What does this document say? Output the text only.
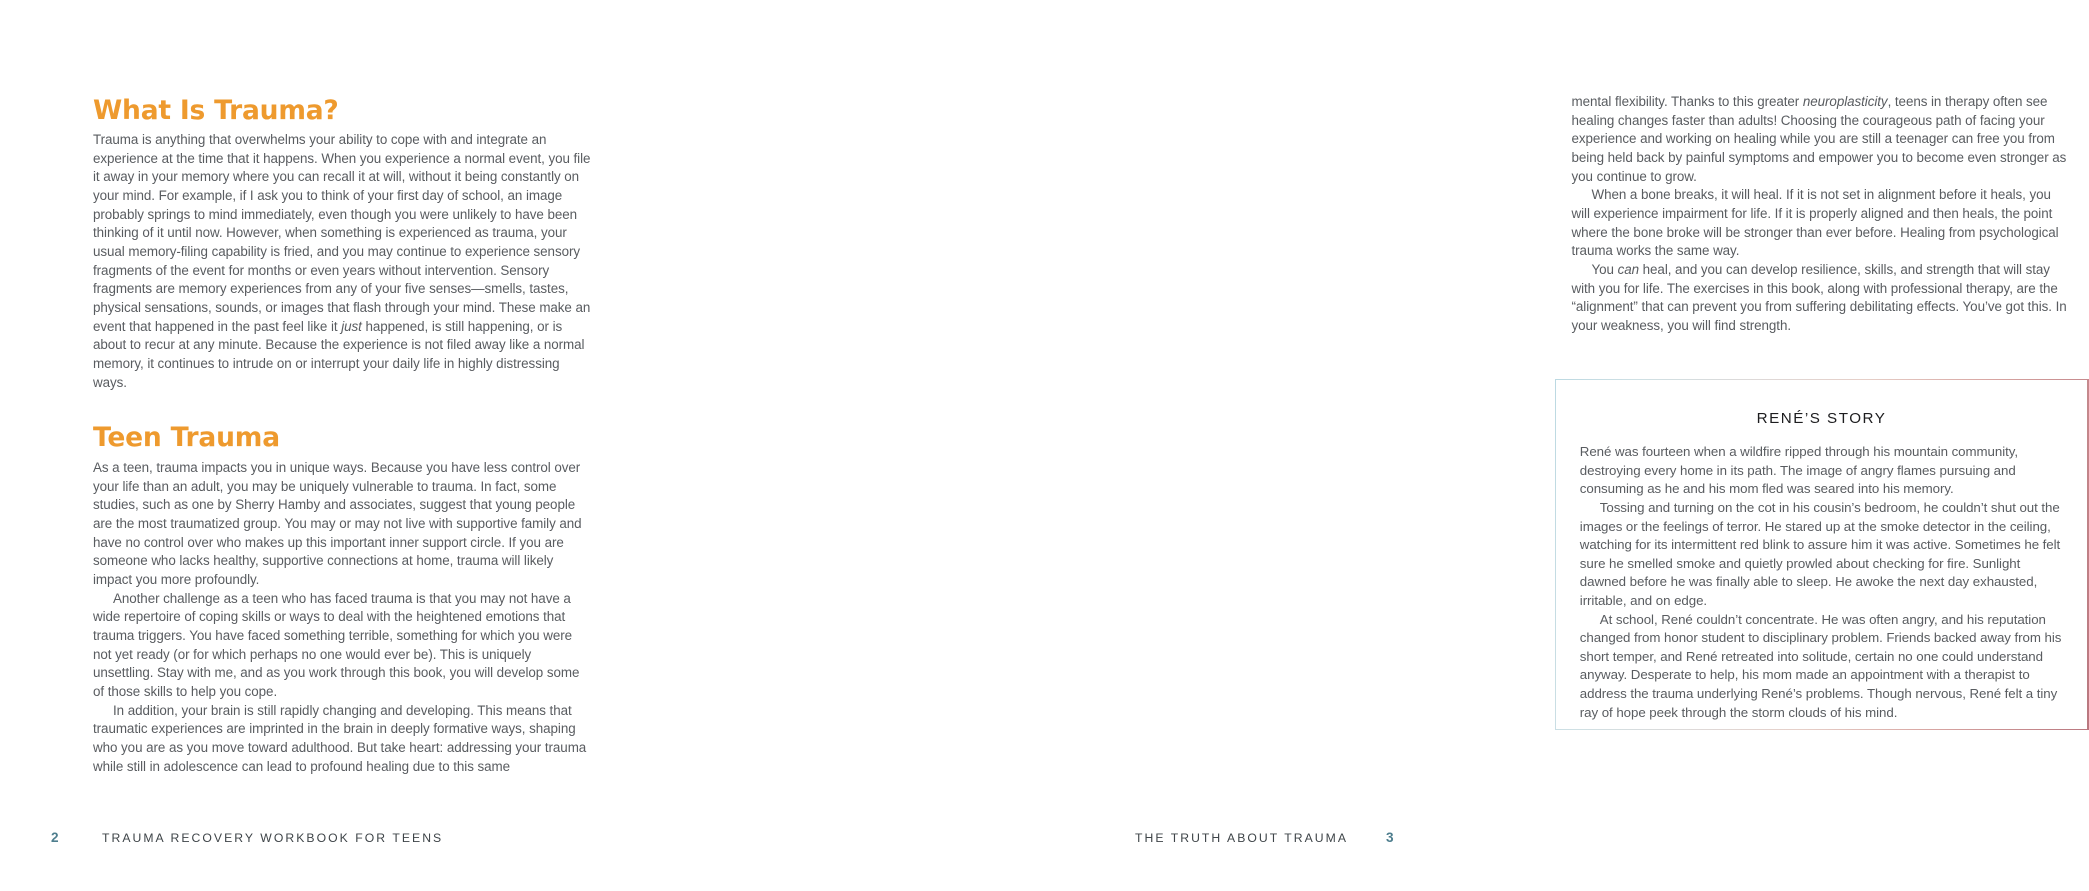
What Is Trauma?

Trauma is anything that overwhelms your ability to cope with and integrate an experience at the time that it happens. When you experience a normal event, you file it away in your memory where you can recall it at will, without it being constantly on your mind. For example, if I ask you to think of your first day of school, an image probably springs to mind immediately, even though you were unlikely to have been thinking of it until now. However, when something is experienced as trauma, your usual memory-filing capability is fried, and you may continue to experience sensory fragments of the event for months or even years without intervention. Sensory fragments are memory experiences from any of your five senses—smells, tastes, physical sensations, sounds, or images that flash through your mind. These make an event that happened in the past feel like it just happened, is still happening, or is about to recur at any minute. Because the experience is not filed away like a normal memory, it continues to intrude on or interrupt your daily life in highly distressing ways.

Teen Trauma

As a teen, trauma impacts you in unique ways. Because you have less control over your life than an adult, you may be uniquely vulnerable to trauma. In fact, some studies, such as one by Sherry Hamby and associates, suggest that young people are the most traumatized group. You may or may not live with supportive family and have no control over who makes up this important inner support circle. If you are someone who lacks healthy, supportive connections at home, trauma will likely impact you more profoundly.

Another challenge as a teen who has faced trauma is that you may not have a wide repertoire of coping skills or ways to deal with the heightened emotions that trauma triggers. You have faced something terrible, something for which you were not yet ready (or for which perhaps no one would ever be). This is uniquely unsettling. Stay with me, and as you work through this book, you will develop some of those skills to help you cope.

In addition, your brain is still rapidly changing and developing. This means that traumatic experiences are imprinted in the brain in deeply formative ways, shaping who you are as you move toward adulthood. But take heart: addressing your trauma while still in adolescence can lead to profound healing due to this same

2	TRAUMA RECOVERY WORKBOOK FOR TEENS

mental flexibility. Thanks to this greater neuroplasticity, teens in therapy often see healing changes faster than adults! Choosing the courageous path of facing your experience and working on healing while you are still a teenager can free you from being held back by painful symptoms and empower you to become even stronger as you continue to grow.

When a bone breaks, it will heal. If it is not set in alignment before it heals, you will experience impairment for life. If it is properly aligned and then heals, the point where the bone broke will be stronger than ever before. Healing from psychological trauma works the same way.

You can heal, and you can develop resilience, skills, and strength that will stay with you for life. The exercises in this book, along with professional therapy, are the “alignment” that can prevent you from suffering debilitating effects. You’ve got this. In your weakness, you will find strength.

RENÉ’S STORY

René was fourteen when a wildfire ripped through his mountain community, destroying every home in its path. The image of angry flames pursuing and consuming as he and his mom fled was seared into his memory.

Tossing and turning on the cot in his cousin’s bedroom, he couldn’t shut out the images or the feelings of terror. He stared up at the smoke detector in the ceiling, watching for its intermittent red blink to assure him it was active. Sometimes he felt sure he smelled smoke and quietly prowled about checking for fire. Sunlight dawned before he was finally able to sleep. He awoke the next day exhausted, irritable, and on edge.

At school, René couldn’t concentrate. He was often angry, and his reputation changed from honor student to disciplinary problem. Friends backed away from his short temper, and René retreated into solitude, certain no one could understand anyway. Desperate to help, his mom made an appointment with a therapist to address the trauma underlying René’s problems. Though nervous, René felt a tiny ray of hope peek through the storm clouds of his mind.

THE TRUTH ABOUT TRAUMA	3
